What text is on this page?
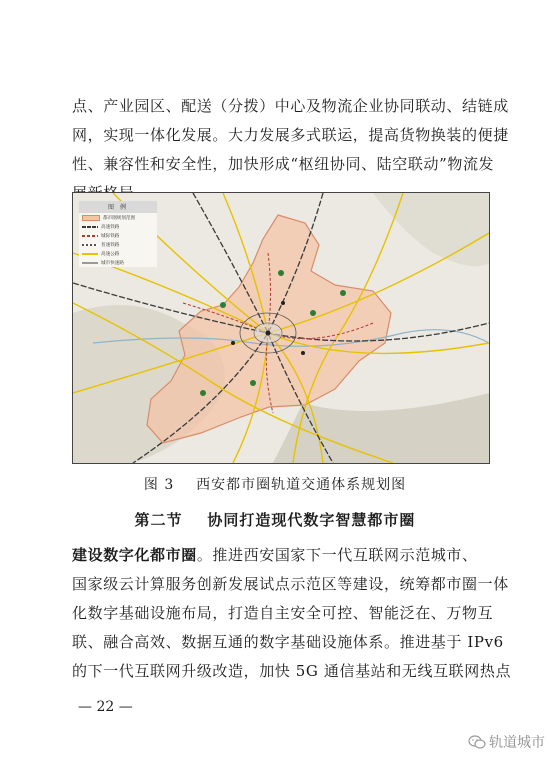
点、产业园区、配送（分拨）中心及物流企业协同联动、结链成
网，实现一体化发展。大力发展多式联运，提高货物换装的便捷
性、兼容性和安全性，加快形成“枢纽协同、陆空联动”物流发
图 例
都市圈规划范围
高速铁路
城际铁路
普速铁路
高速公路
城市快速路
图 3    西安都市圈轨道交通体系规划图
第二节    协同打造现代数字智慧都市圈
建设数字化都市圈。推进西安国家下一代互联网示范城市、
国家级云计算服务创新发展试点示范区等建设，统筹都市圈一体
化数字基础设施布局，打造自主安全可控、智能泛在、万物互
联、融合高效、数据互通的数字基础设施体系。推进基于 IPv6
的下一代互联网升级改造，加快 5G 通信基站和无线互联网热点
— 22 —
轨道城市
